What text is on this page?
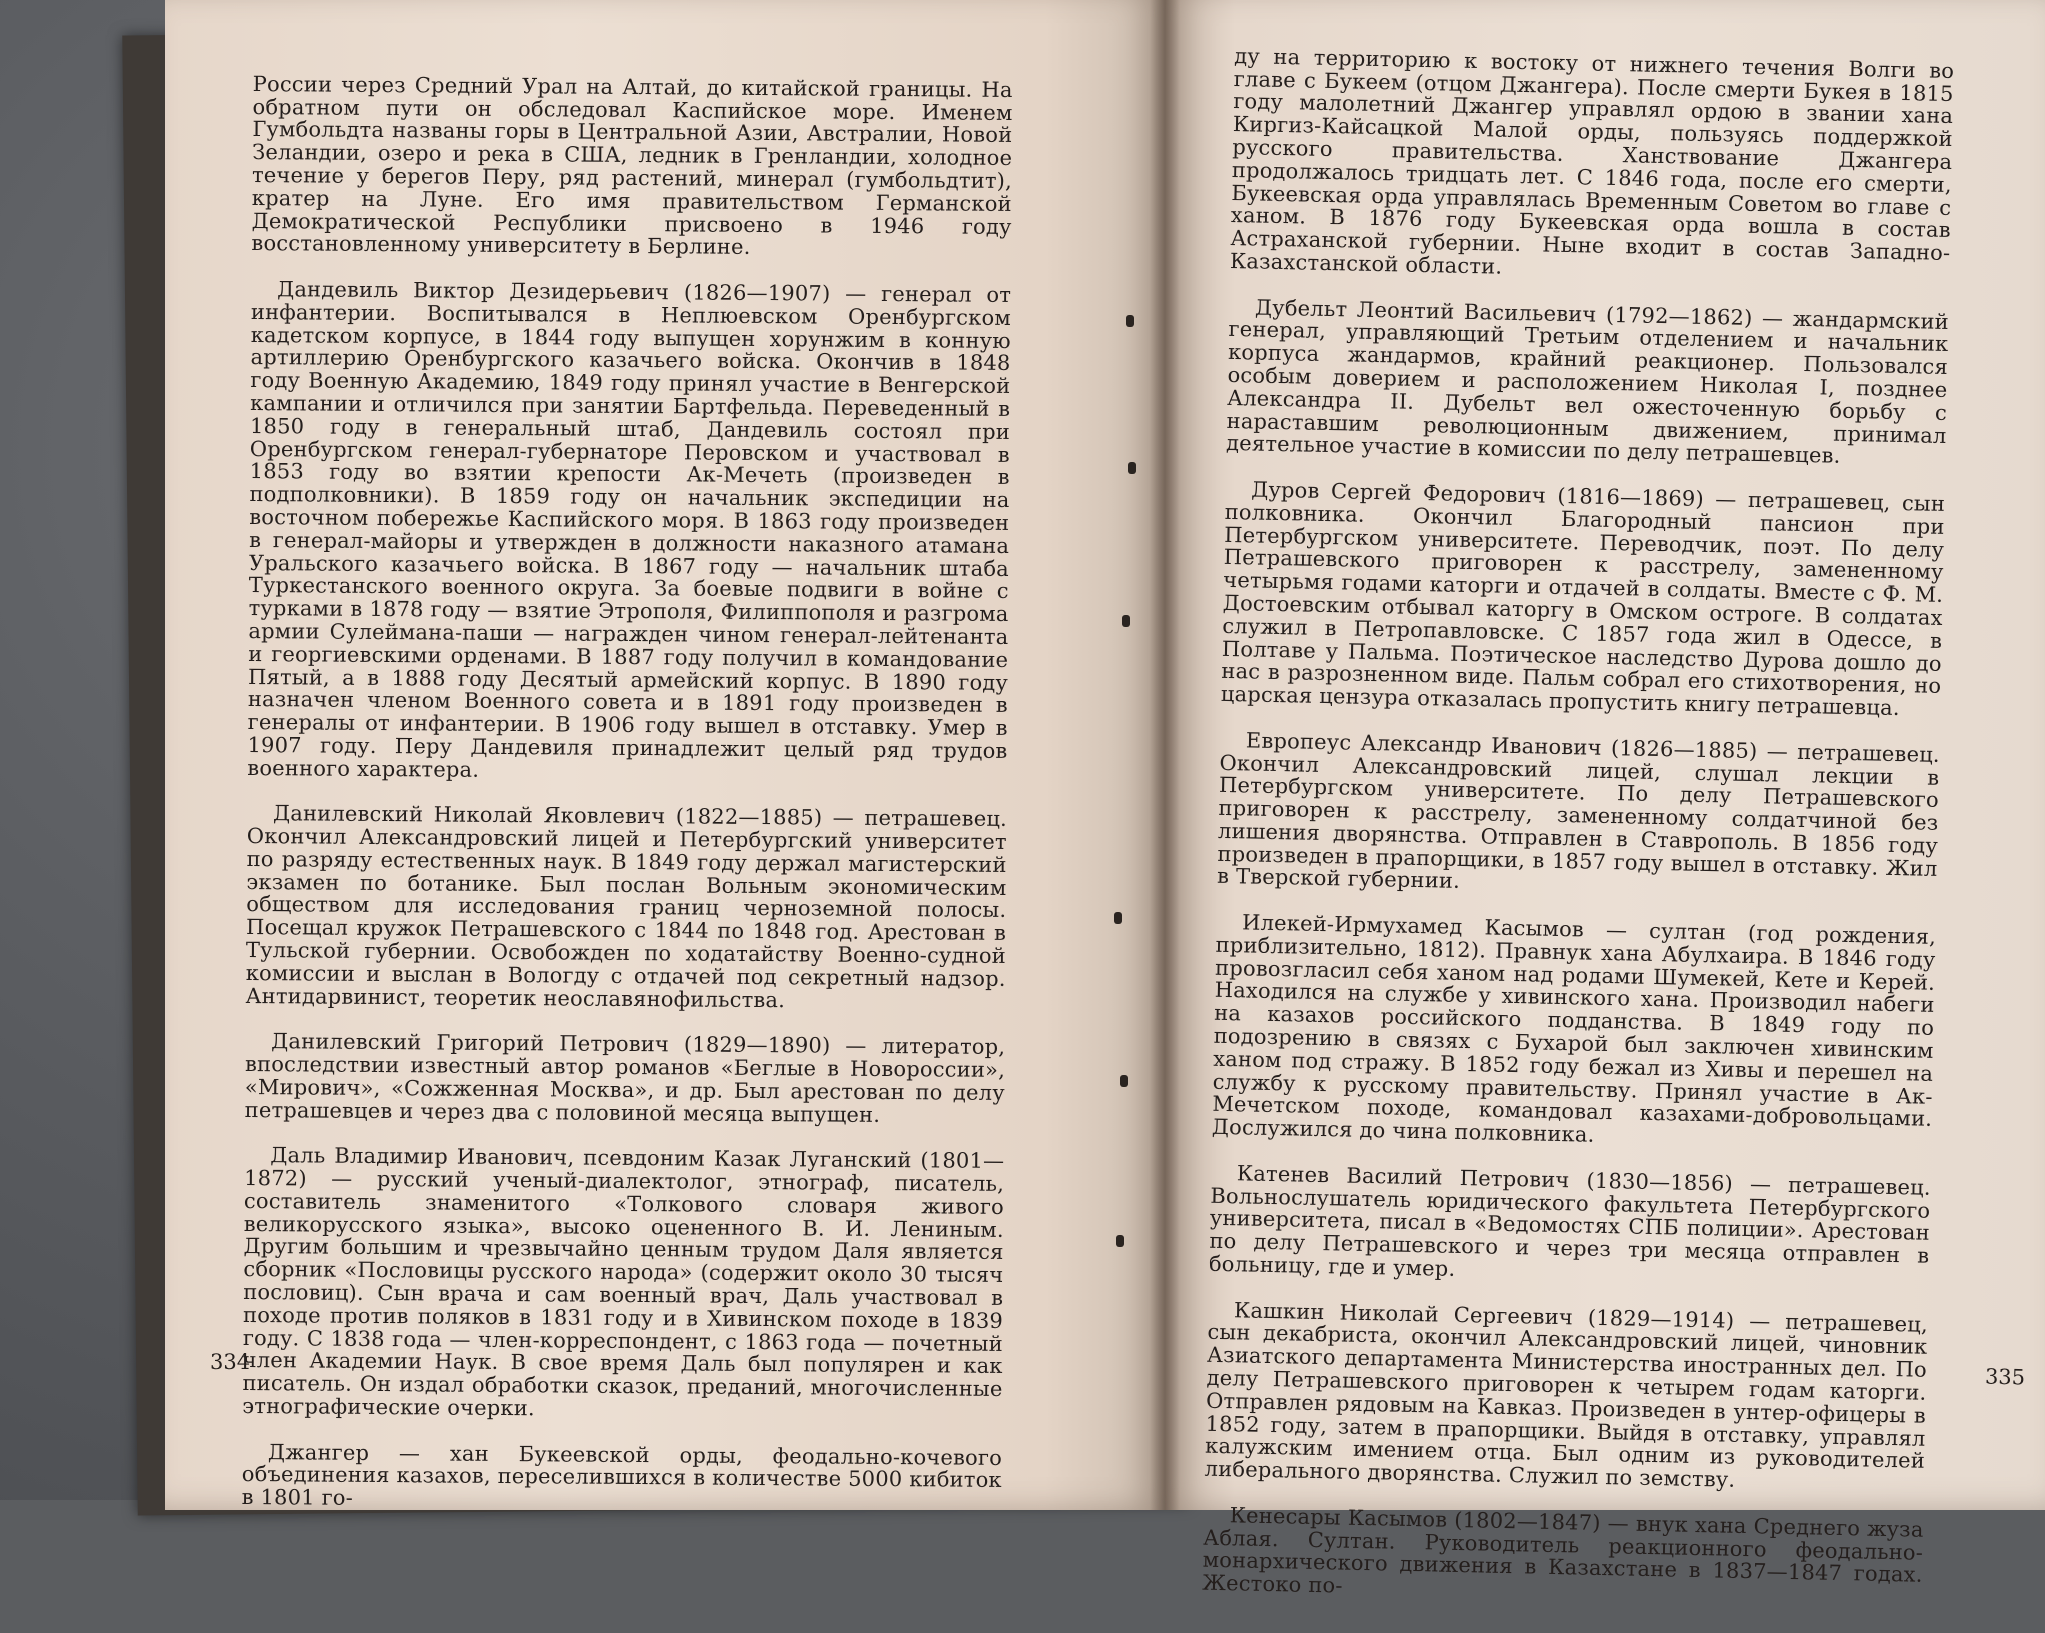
России через Средний Урал на Алтай, до китайской границы. На обратном пути он обследовал Каспийское море. Именем Гумбольдта названы горы в Центральной Азии, Австралии, Новой Зеландии, озеро и река в США, ледник в Гренландии, холодное течение у берегов Перу, ряд растений, минерал (гумбольдтит), кратер на Луне. Его имя правительством Германской Демократической Республики присвоено в 1946 году восстановленному университету в Берлине.

Дандевиль Виктор Дезидерьевич (1826—1907) — генерал от инфантерии. Воспитывался в Неплюевском Оренбургском кадетском корпусе, в 1844 году выпущен хорунжим в конную артиллерию Оренбургского казачьего войска. Окончив в 1848 году Военную Академию, 1849 году принял участие в Венгерской кампании и отличился при занятии Бартфельда. Переведенный в 1850 году в генеральный штаб, Дандевиль состоял при Оренбургском генерал-губернаторе Перовском и участвовал в 1853 году во взятии крепости Ак-Мечеть (произведен в подполковники). В 1859 году он начальник экспедиции на восточном побережье Каспийского моря. В 1863 году произведен в генерал-майоры и утвержден в должности наказного атамана Уральского казачьего войска. В 1867 году — начальник штаба Туркестанского военного округа. За боевые подвиги в войне с турками в 1878 году — взятие Этрополя, Филиппополя и разгрома армии Сулеймана-паши — награжден чином генерал-лейтенанта и георгиевскими орденами. В 1887 году получил в командование Пятый, а в 1888 году Десятый армейский корпус. В 1890 году назначен членом Военного совета и в 1891 году произведен в генералы от инфантерии. В 1906 году вышел в отставку. Умер в 1907 году. Перу Дандевиля принадлежит целый ряд трудов военного характера.

Данилевский Николай Яковлевич (1822—1885) — петрашевец. Окончил Александровский лицей и Петербургский университет по разряду естественных наук. В 1849 году держал магистерский экзамен по ботанике. Был послан Вольным экономическим обществом для исследования границ черноземной полосы. Посещал кружок Петрашевского с 1844 по 1848 год. Арестован в Тульской губернии. Освобожден по ходатайству Военно-судной комиссии и выслан в Вологду с отдачей под секретный надзор. Антидарвинист, теоретик неославянофильства.

Данилевский Григорий Петрович (1829—1890) — литератор, впоследствии известный автор романов «Беглые в Новороссии», «Мирович», «Сожженная Москва», и др. Был арестован по делу петрашевцев и через два с половиной месяца выпущен.

Даль Владимир Иванович, псевдоним Казак Луганский (1801—1872) — русский ученый-диалектолог, этнограф, писатель, составитель знаменитого «Толкового словаря живого великорусского языка», высоко оцененного В. И. Лениным. Другим большим и чрезвычайно ценным трудом Даля является сборник «Пословицы русского народа» (содержит около 30 тысяч пословиц). Сын врача и сам военный врач, Даль участвовал в походе против поляков в 1831 году и в Хивинском походе в 1839 году. С 1838 года — член-корреспондент, с 1863 года — почетный член Академии Наук. В свое время Даль был популярен и как писатель. Он издал обработки сказок, преданий, многочисленные этнографические очерки.

Джангер — хан Букеевской орды, феодально-кочевого объединения казахов, переселившихся в количестве 5000 кибиток в 1801 го-

334

ду на территорию к востоку от нижнего течения Волги во главе с Букеем (отцом Джангера). После смерти Букея в 1815 году малолетний Джангер управлял ордою в звании хана Киргиз-Кайсацкой Малой орды, пользуясь поддержкой русского правительства. Ханствование Джангера продолжалось тридцать лет. С 1846 года, после его смерти, Букеевская орда управлялась Временным Советом во главе с ханом. В 1876 году Букеевская орда вошла в состав Астраханской губернии. Ныне входит в состав Западно-Казахстанской области.

Дубельт Леонтий Васильевич (1792—1862) — жандармский генерал, управляющий Третьим отделением и начальник корпуса жандармов, крайний реакционер. Пользовался особым доверием и расположением Николая I, позднее Александра II. Дубельт вел ожесточенную борьбу с нараставшим революционным движением, принимал деятельное участие в комиссии по делу петрашевцев.

Дуров Сергей Федорович (1816—1869) — петрашевец, сын полковника. Окончил Благородный пансион при Петербургском университете. Переводчик, поэт. По делу Петрашевского приговорен к расстрелу, замененному четырьмя годами каторги и отдачей в солдаты. Вместе с Ф. М. Достоевским отбывал каторгу в Омском остроге. В солдатах служил в Петропавловске. С 1857 года жил в Одессе, в Полтаве у Пальма. Поэтическое наследство Дурова дошло до нас в разрозненном виде. Пальм собрал его стихотворения, но царская цензура отказалась пропустить книгу петрашевца.

Европеус Александр Иванович (1826—1885) — петрашевец. Окончил Александровский лицей, слушал лекции в Петербургском университете. По делу Петрашевского приговорен к расстрелу, замененному солдатчиной без лишения дворянства. Отправлен в Ставрополь. В 1856 году произведен в прапорщики, в 1857 году вышел в отставку. Жил в Тверской губернии.

Илекей-Ирмухамед Касымов — султан (год рождения, приблизительно, 1812). Правнук хана Абулхаира. В 1846 году провозгласил себя ханом над родами Шумекей, Кете и Керей. Находился на службе у хивинского хана. Производил набеги на казахов российского подданства. В 1849 году по подозрению в связях с Бухарой был заключен хивинским ханом под стражу. В 1852 году бежал из Хивы и перешел на службу к русскому правительству. Принял участие в Ак-Мечетском походе, командовал казахами-добровольцами. Дослужился до чина полковника.

Катенев Василий Петрович (1830—1856) — петрашевец. Вольнослушатель юридического факультета Петербургского университета, писал в «Ведомостях СПБ полиции». Арестован по делу Петрашевского и через три месяца отправлен в больницу, где и умер.

Кашкин Николай Сергеевич (1829—1914) — петрашевец, сын декабриста, окончил Александровский лицей, чиновник Азиатского департамента Министерства иностранных дел. По делу Петрашевского приговорен к четырем годам каторги. Отправлен рядовым на Кавказ. Произведен в унтер-офицеры в 1852 году, затем в прапорщики. Выйдя в отставку, управлял калужским имением отца. Был одним из руководителей либерального дворянства. Служил по земству.

Кенесары Касымов (1802—1847) — внук хана Среднего жуза Аблая. Султан. Руководитель реакционного феодально-монархического движения в Казахстане в 1837—1847 годах. Жестоко по-

335
